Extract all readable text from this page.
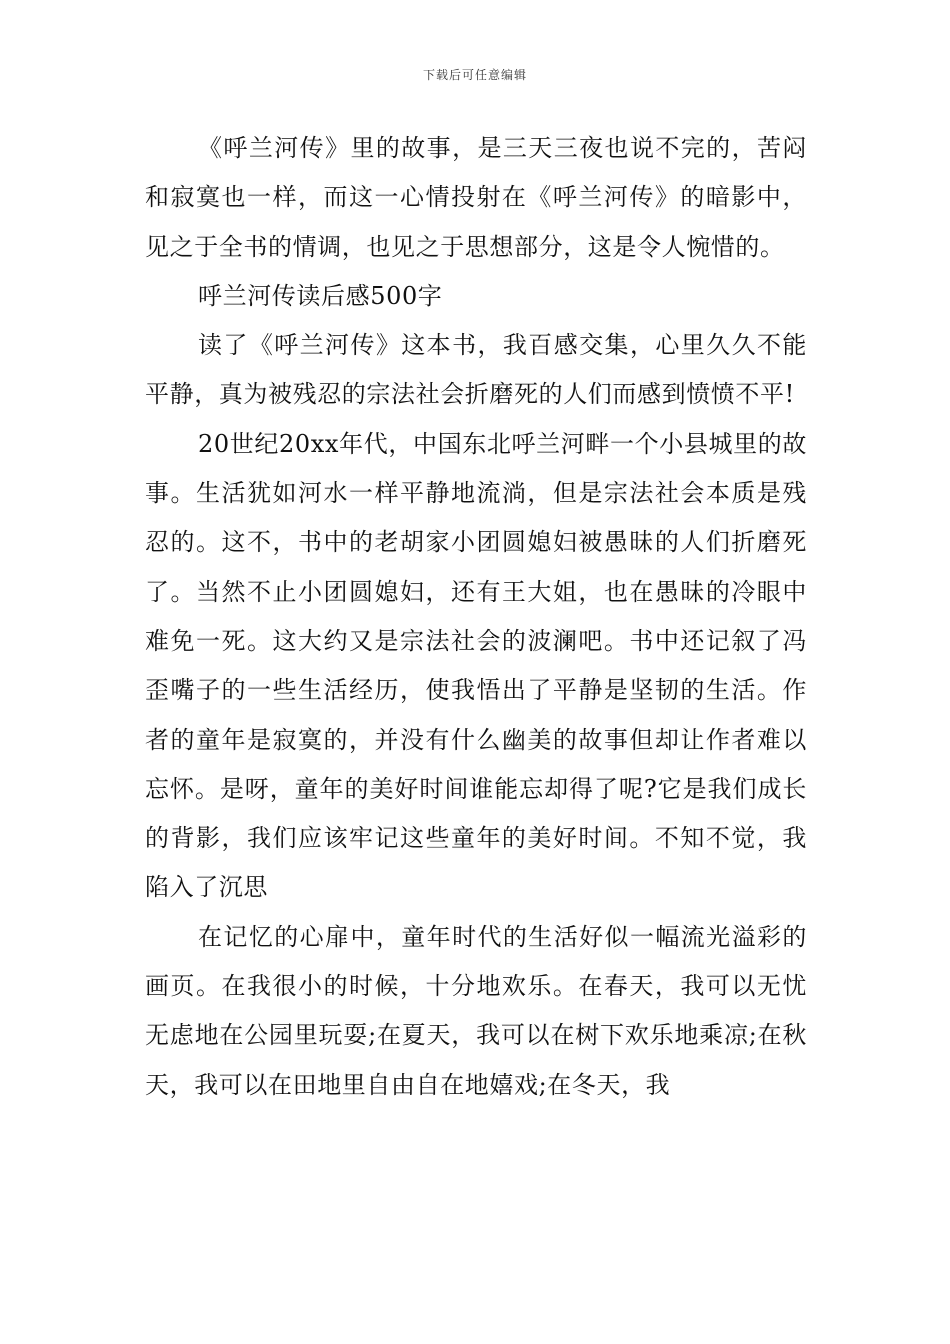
下载后可任意编辑

《呼兰河传》里的故事，是三天三夜也说不完的，苦闷和寂寞也一样，而这一心情投射在《呼兰河传》的暗影中，见之于全书的情调，也见之于思想部分，这是令人惋惜的。

呼兰河传读后感500字

读了《呼兰河传》这本书，我百感交集，心里久久不能平静，真为被残忍的宗法社会折磨死的人们而感到愤愤不平!

20世纪20xx年代，中国东北呼兰河畔一个小县城里的故事。生活犹如河水一样平静地流淌，但是宗法社会本质是残忍的。这不，书中的老胡家小团圆媳妇被愚昧的人们折磨死了。当然不止小团圆媳妇，还有王大姐，也在愚昧的冷眼中难免一死。这大约又是宗法社会的波澜吧。书中还记叙了冯歪嘴子的一些生活经历，使我悟出了平静是坚韧的生活。作者的童年是寂寞的，并没有什么幽美的故事但却让作者难以忘怀。是呀，童年的美好时间谁能忘却得了呢?它是我们成长的背影，我们应该牢记这些童年的美好时间。不知不觉，我陷入了沉思

在记忆的心扉中，童年时代的生活好似一幅流光溢彩的画页。在我很小的时候，十分地欢乐。在春天，我可以无忧无虑地在公园里玩耍;在夏天，我可以在树下欢乐地乘凉;在秋天，我可以在田地里自由自在地嬉戏;在冬天，我
